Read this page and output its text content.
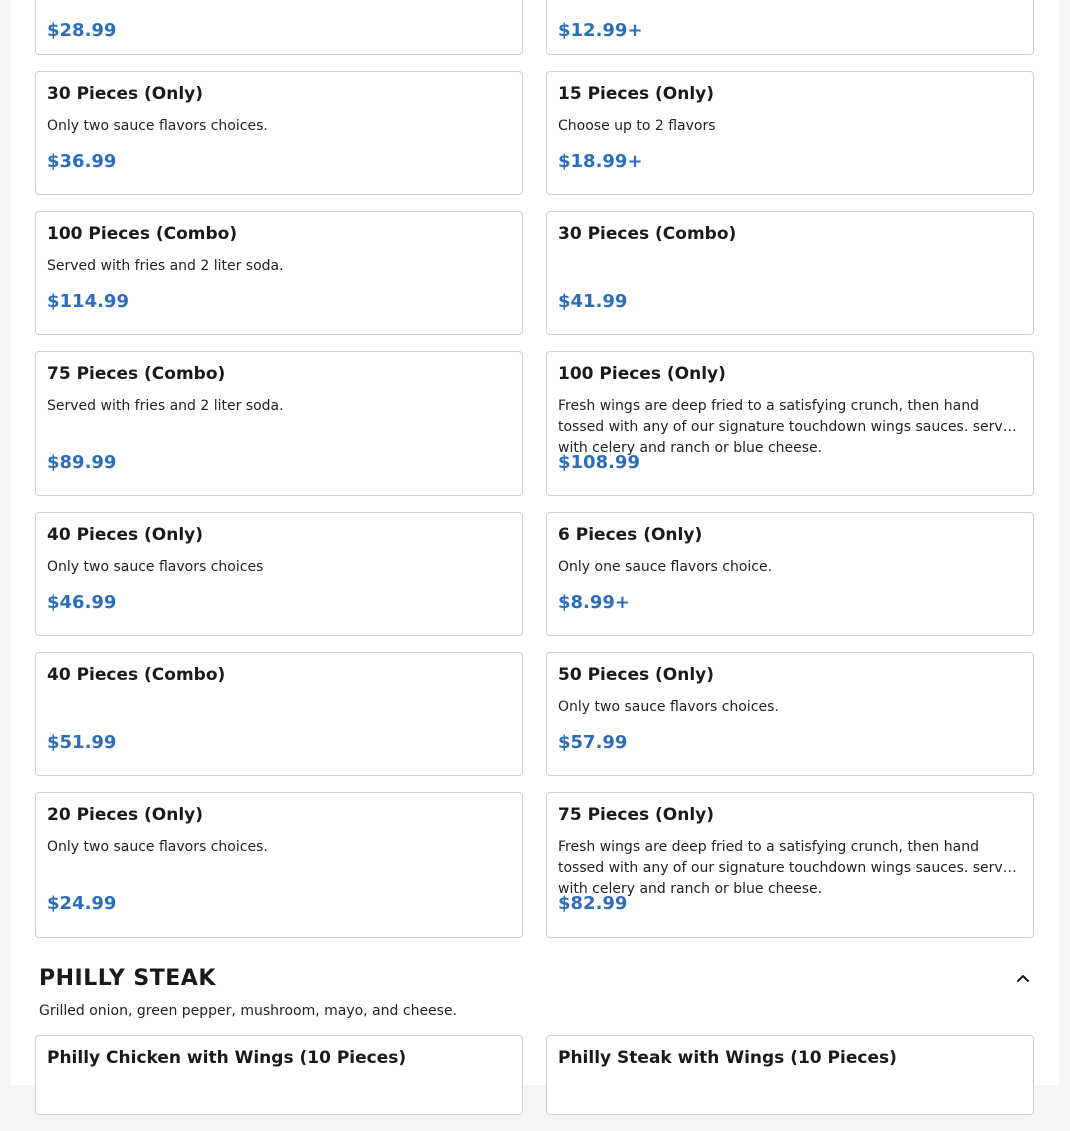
$28.99	$12.99+
30 Pieces (Only)
Only two sauce flavors choices.
$36.99
15 Pieces (Only)
Choose up to 2 flavors
$18.99+
100 Pieces (Combo)
Served with fries and 2 liter soda.
$114.99
30 Pieces (Combo)
$41.99
75 Pieces (Combo)
Served with fries and 2 liter soda.
$89.99
100 Pieces (Only)
Fresh wings are deep fried to a satisfying crunch, then hand tossed with any of our signature touchdown wings sauces. served with celery and ranch or blue cheese.
$108.99
40 Pieces (Only)
Only two sauce flavors choices
$46.99
6 Pieces (Only)
Only one sauce flavors choice.
$8.99+
40 Pieces (Combo)
$51.99
50 Pieces (Only)
Only two sauce flavors choices.
$57.99
20 Pieces (Only)
Only two sauce flavors choices.
$24.99
75 Pieces (Only)
Fresh wings are deep fried to a satisfying crunch, then hand tossed with any of our signature touchdown wings sauces. served with celery and ranch or blue cheese.
$82.99
PHILLY STEAK
Grilled onion, green pepper, mushroom, mayo, and cheese.
Philly Chicken with Wings (10 Pieces)	Philly Steak with Wings (10 Pieces)
